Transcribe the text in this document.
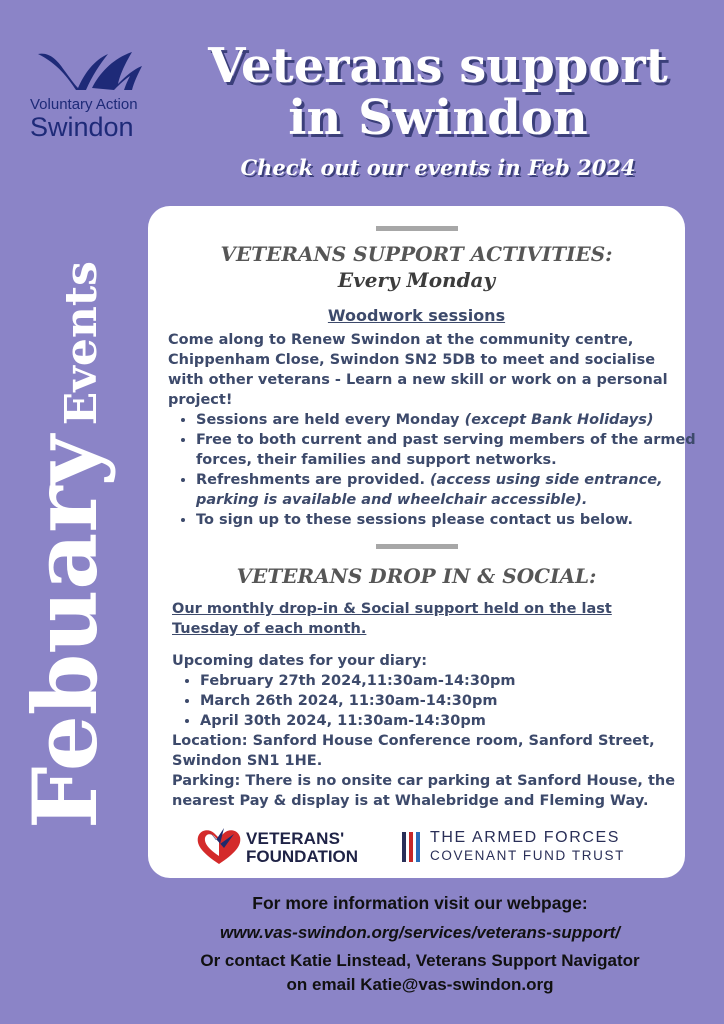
Voluntary Action
Swindon
Veterans support
in Swindon
Check out our events in Feb 2024
FebuaryEvents
VETERANS SUPPORT ACTIVITIES:
Every Monday
Woodwork sessions
Come along to Renew Swindon at the community centre, Chippenham Close, Swindon SN2 5DB to meet and socialise with other veterans - Learn a new skill or work on a personal project!
• Sessions are held every Monday (except Bank Holidays)
• Free to both current and past serving members of the armed forces, their families and support networks.
• Refreshments are provided. (access using side entrance, parking is available and wheelchair accessible).
• To sign up to these sessions please contact us below.
VETERANS DROP IN & SOCIAL:
Our monthly drop-in & Social support held on the last Tuesday of each month.
Upcoming dates for your diary:
• February 27th 2024,11:30am-14:30pm
• March 26th 2024, 11:30am-14:30pm
• April 30th 2024, 11:30am-14:30pm
Location: Sanford House Conference room, Sanford Street, Swindon SN1 1HE.
Parking: There is no onsite car parking at Sanford House, the nearest Pay & display is at Whalebridge and Fleming Way.
VETERANS'
FOUNDATION
THE ARMED FORCES
COVENANT FUND TRUST
For more information visit our webpage:
www.vas-swindon.org/services/veterans-support/
Or contact Katie Linstead, Veterans Support Navigator
on email Katie@vas-swindon.org
